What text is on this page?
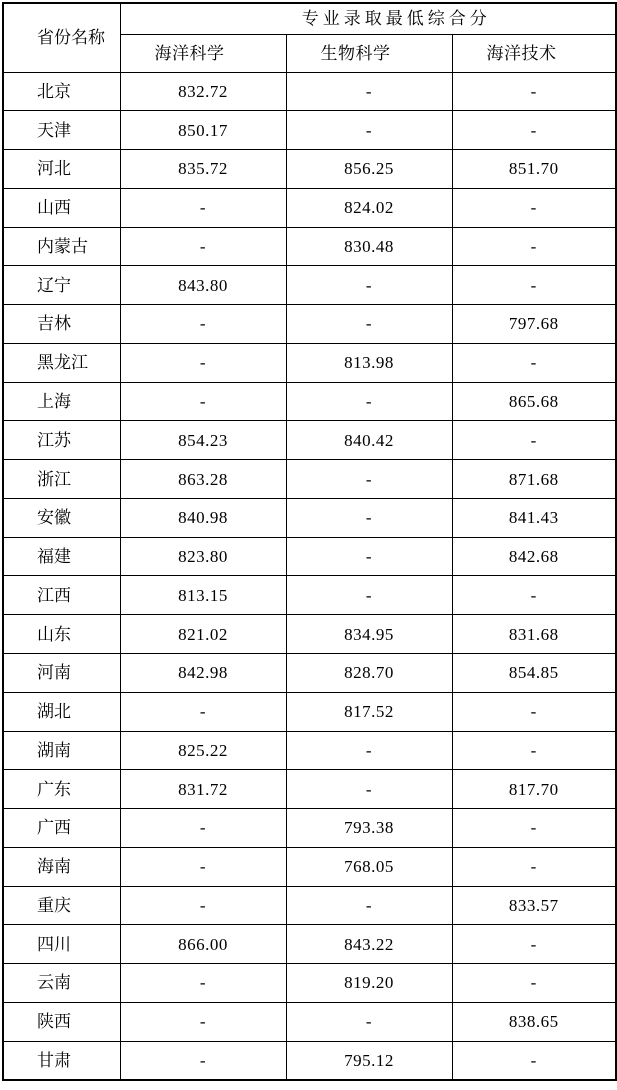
省份名称	专业录取最低综合分		
	海洋科学	生物科学	海洋技术
北京	832.72	-	-
天津	850.17	-	-
河北	835.72	856.25	851.70
山西	-	824.02	-
内蒙古	-	830.48	-
辽宁	843.80	-	-
吉林	-	-	797.68
黑龙江	-	813.98	-
上海	-	-	865.68
江苏	854.23	840.42	-
浙江	863.28	-	871.68
安徽	840.98	-	841.43
福建	823.80	-	842.68
江西	813.15	-	-
山东	821.02	834.95	831.68
河南	842.98	828.70	854.85
湖北	-	817.52	-
湖南	825.22	-	-
广东	831.72	-	817.70
广西	-	793.38	-
海南	-	768.05	-
重庆	-	-	833.57
四川	866.00	843.22	-
云南	-	819.20	-
陕西	-	-	838.65
甘肃	-	795.12	-
